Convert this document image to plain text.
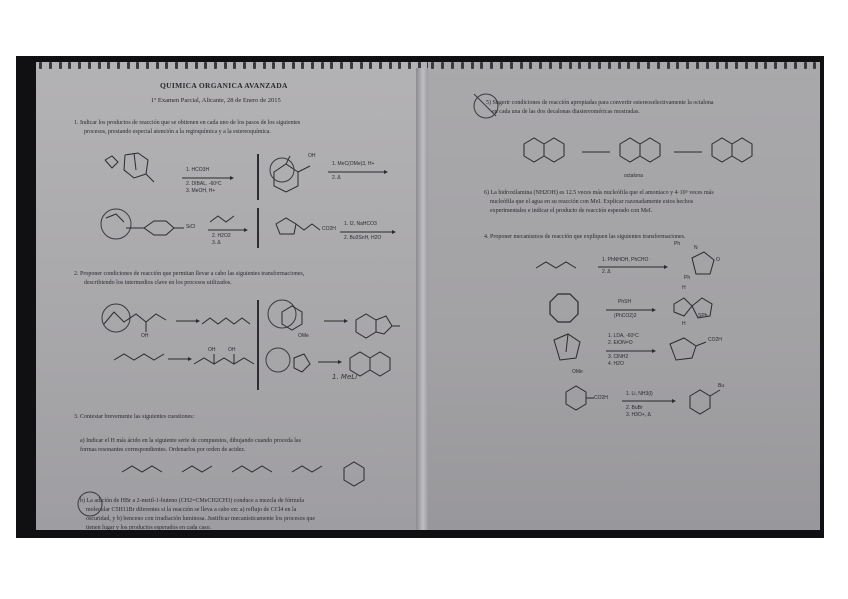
QUIMICA ORGANICA AVANZADA
1º Examen Parcial, Alicante, 28 de Enero de 2015
1. Indicar los productos de reacción que se obtienen en cada uno de los pasos de los siguientes
procesos, prestando especial atención a la regioquímica y a la estereoquímica.
1. HCO3H
2. DIBAL, -60ºC
3. MeOH, H+
OH
1. MeC(OMe)3, H+
2. Δ
SiCl
2. H2O2
3. Δ
CO2H
1. I2, NaHCO3
2. Bu3SnH, H2O
2. Proponer condiciones de reacción que permitan llevar a cabo las siguientes transformaciones,
describiendo los intermedios clave en los procesos utilizados.
OH	OMe
OH	OH
1. MeLi
3. Contestar brevemente las siguientes cuestiones:
a) Indicar el H más ácido en la siguiente serie de compuestos, dibujando cuando proceda las
formas resonantes correspondientes. Ordenarlos por orden de acidez.
b) La adición de HBr a 2-metil-1-buteno (CH2=CMeCH2CH3) conduce a mezcla de fórmula
molecular C5H11Br diferentes si la reacción se lleva a cabo en: a) reflujo de CCl4 en la
oscuridad, y b) benceno con irradiación luminosa. Justificar mecanísticamente los procesos que
tienen lugar y los productos esperados en cada caso.
5) Sugerir condiciones de reacción apropiadas para convertir estereoselectivamente la octalona
en cada una de las dos decalonas diastereoméricas mostradas.
octalona
6) La hidroxilamina (NH2OH) es 12.5 veces más nucleófila que el amoniaco y 4·10⁵ veces más
nucleófila que el agua en su reacción con MeI. Explicar razonadamente estos hechos
experimentales e indicar el producto de reacción esperado con MeI.
4. Proponer mecanismos de reacción que expliquen las siguientes transformaciones.
1. PhNHOH, PhCHO
2. Δ
Ph
N
O
Ph
PhSH
(PhCO2)2
H
H
SPh
1. LDA, -60ºC
2. EtON=O
3. ClNH2
4. H2O
CO2H
OMe
CO2H
1. Li, NH3(l)
2. BuBr
3. H3O+, Δ
Bu
